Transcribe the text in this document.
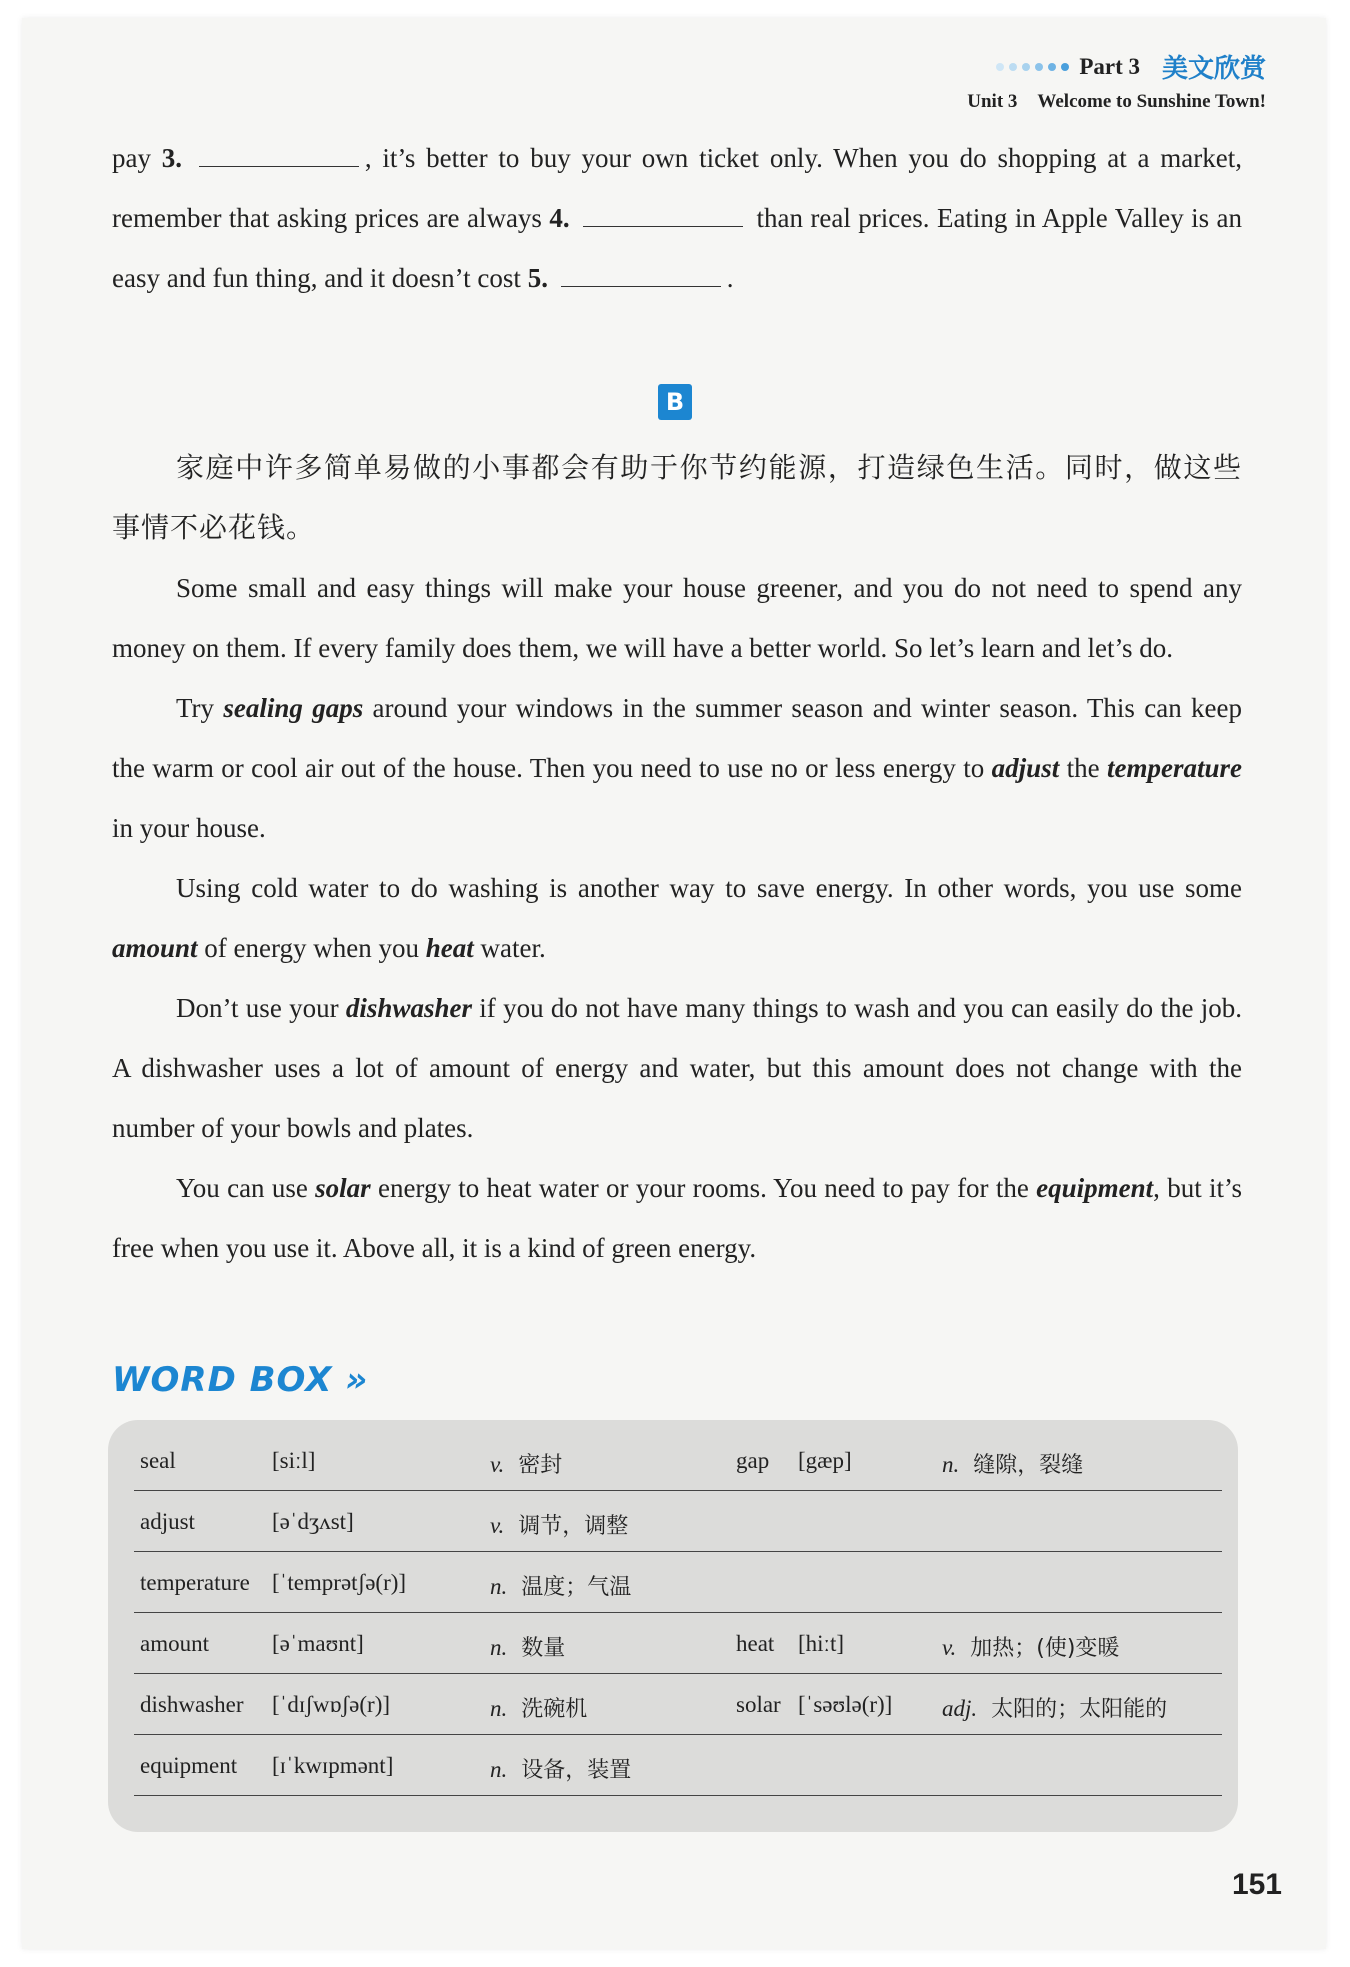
Part 3 美文欣赏
Unit 3 Welcome to Sunshine Town!

pay 3.	, it’s better to buy your own ticket only. When you do shopping at a market, remember that asking prices are always 4.	than real prices. Eating in Apple Valley is an easy and fun thing, and it doesn’t cost 5.	.

B

家庭中许多简单易做的小事都会有助于你节约能源，打造绿色生活。同时，做这些事情不必花钱。

Some small and easy things will make your house greener, and you do not need to spend any money on them. If every family does them, we will have a better world. So let’s learn and let’s do.

Try sealing gaps around your windows in the summer season and winter season. This can keep the warm or cool air out of the house. Then you need to use no or less energy to adjust the temperature in your house.

Using cold water to do washing is another way to save energy. In other words, you use some amount of energy when you heat water.

Don’t use your dishwasher if you do not have many things to wash and you can easily do the job. A dishwasher uses a lot of amount of energy and water, but this amount does not change with the number of your bowls and plates.

You can use solar energy to heat water or your rooms. You need to pay for the equipment, but it’s free when you use it. Above all, it is a kind of green energy.

WORD BOX »
seal	[siːl]	v. 密封	gap [gæp]	n. 缝隙，裂缝
adjust	[əˈdʒʌst]	v. 调节，调整
temperature [ˈtemprətʃə(r)]	n. 温度；气温
amount	[əˈmaʊnt]	n. 数量	heat [hiːt]	v. 加热；(使)变暖
dishwasher [ˈdɪʃwɒʃə(r)]	n. 洗碗机	solar [ˈsəʊlə(r)] adj. 太阳的；太阳能的
equipment [ɪˈkwɪpmənt]	n. 设备，装置
151
